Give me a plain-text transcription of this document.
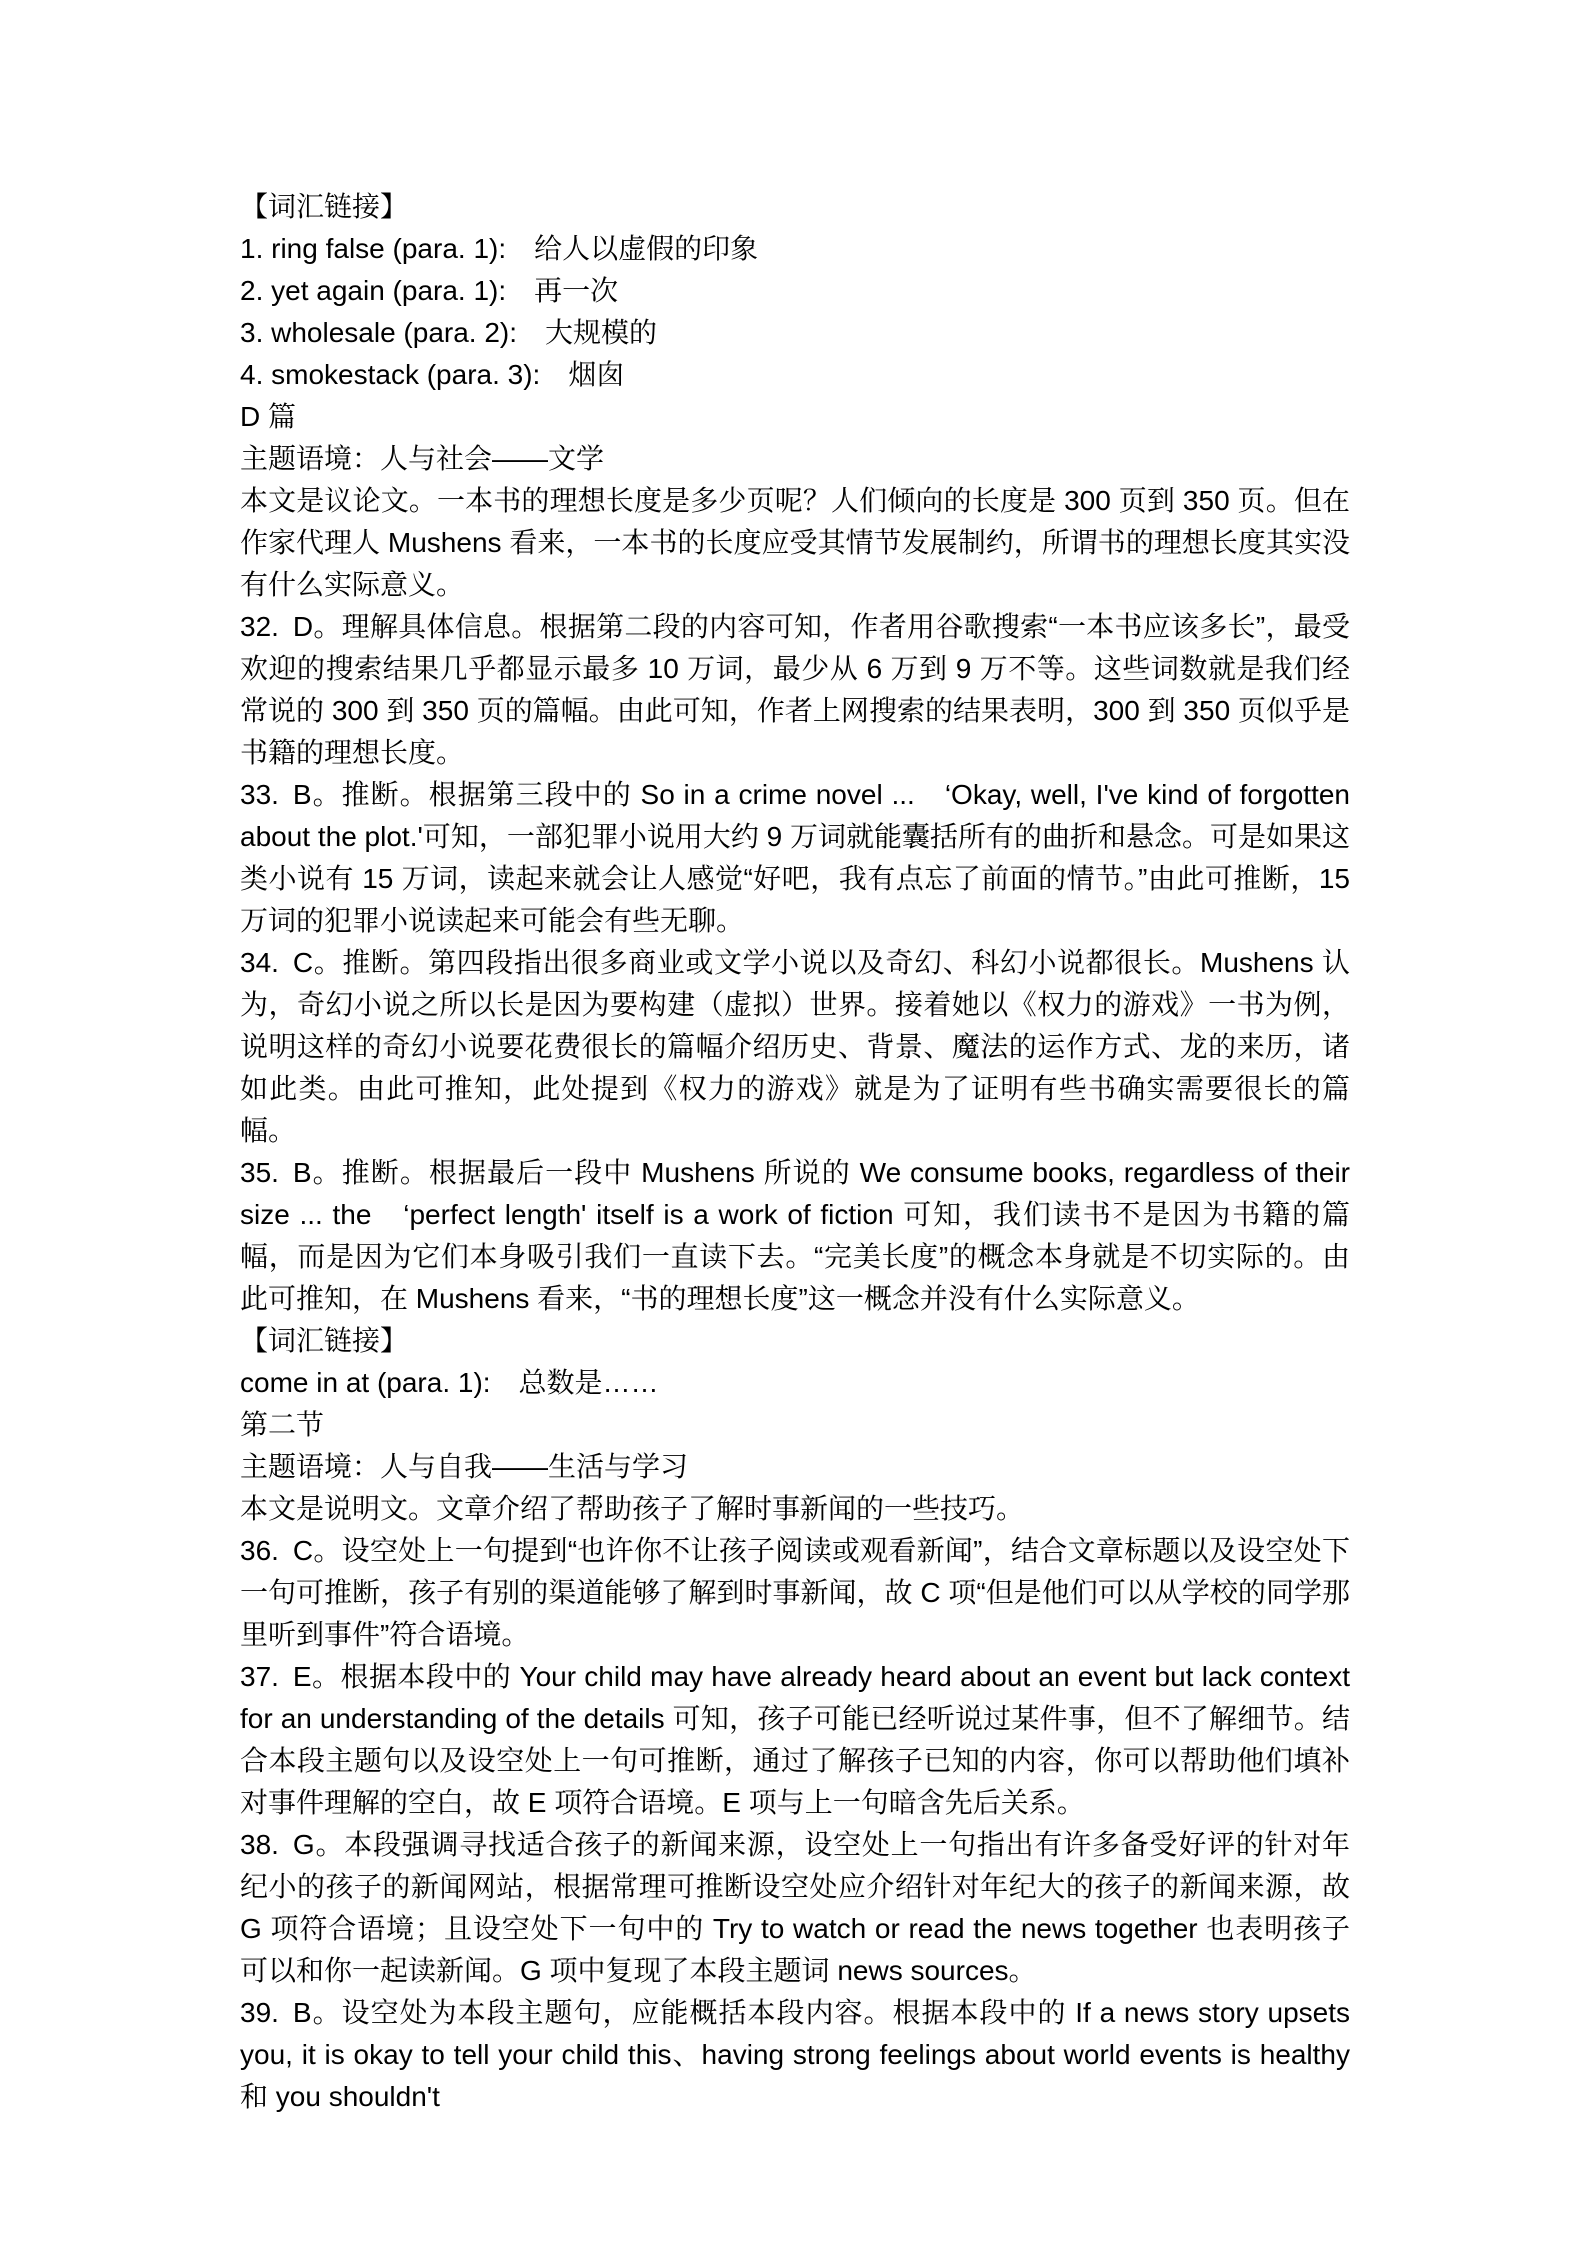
【词汇链接】

1. ring false (para. 1):　给人以虚假的印象

2. yet again (para. 1):　再一次

3. wholesale (para. 2):　大规模的

4. smokestack (para. 3):　烟囱

D 篇

主题语境：人与社会——文学

本文是议论文。一本书的理想长度是多少页呢？人们倾向的长度是 300 页到 350 页。但在作家代理人 Mushens 看来，一本书的长度应受其情节发展制约，所谓书的理想长度其实没有什么实际意义。

32. D。理解具体信息。根据第二段的内容可知，作者用谷歌搜索“一本书应该多长”，最受欢迎的搜索结果几乎都显示最多 10 万词，最少从 6 万到 9 万不等。这些词数就是我们经常说的 300 到 350 页的篇幅。由此可知，作者上网搜索的结果表明，300 到 350 页似乎是书籍的理想长度。

33. B。推断。根据第三段中的 So in a crime novel ...　‘Okay, well, I've kind of forgotten about the plot.'可知，一部犯罪小说用大约 9 万词就能囊括所有的曲折和悬念。可是如果这类小说有 15 万词，读起来就会让人感觉“好吧，我有点忘了前面的情节。”由此可推断，15 万词的犯罪小说读起来可能会有些无聊。

34. C。推断。第四段指出很多商业或文学小说以及奇幻、科幻小说都很长。Mushens 认为，奇幻小说之所以长是因为要构建（虚拟）世界。接着她以《权力的游戏》一书为例，说明这样的奇幻小说要花费很长的篇幅介绍历史、背景、魔法的运作方式、龙的来历，诸如此类。由此可推知，此处提到《权力的游戏》就是为了证明有些书确实需要很长的篇幅。

35. B。推断。根据最后一段中 Mushens 所说的 We consume books, regardless of their size ... the　‘perfect length' itself is a work of fiction 可知，我们读书不是因为书籍的篇幅，而是因为它们本身吸引我们一直读下去。“完美长度”的概念本身就是不切实际的。由此可推知，在 Mushens 看来，“书的理想长度”这一概念并没有什么实际意义。

【词汇链接】

come in at (para. 1):　总数是……

第二节

主题语境：人与自我——生活与学习

本文是说明文。文章介绍了帮助孩子了解时事新闻的一些技巧。

36. C。设空处上一句提到“也许你不让孩子阅读或观看新闻”，结合文章标题以及设空处下一句可推断，孩子有别的渠道能够了解到时事新闻，故 C 项“但是他们可以从学校的同学那里听到事件”符合语境。

37. E。根据本段中的 Your child may have already heard about an event but lack context for an understanding of the details 可知，孩子可能已经听说过某件事，但不了解细节。结合本段主题句以及设空处上一句可推断，通过了解孩子已知的内容，你可以帮助他们填补对事件理解的空白，故 E 项符合语境。E 项与上一句暗含先后关系。

38. G。本段强调寻找适合孩子的新闻来源，设空处上一句指出有许多备受好评的针对年纪小的孩子的新闻网站，根据常理可推断设空处应介绍针对年纪大的孩子的新闻来源，故 G 项符合语境；且设空处下一句中的 Try to watch or read the news together 也表明孩子可以和你一起读新闻。G 项中复现了本段主题词 news sources。

39. B。设空处为本段主题句，应能概括本段内容。根据本段中的 If a news story upsets you, it is okay to tell your child this、having strong feelings about world events is healthy 和 you shouldn't
